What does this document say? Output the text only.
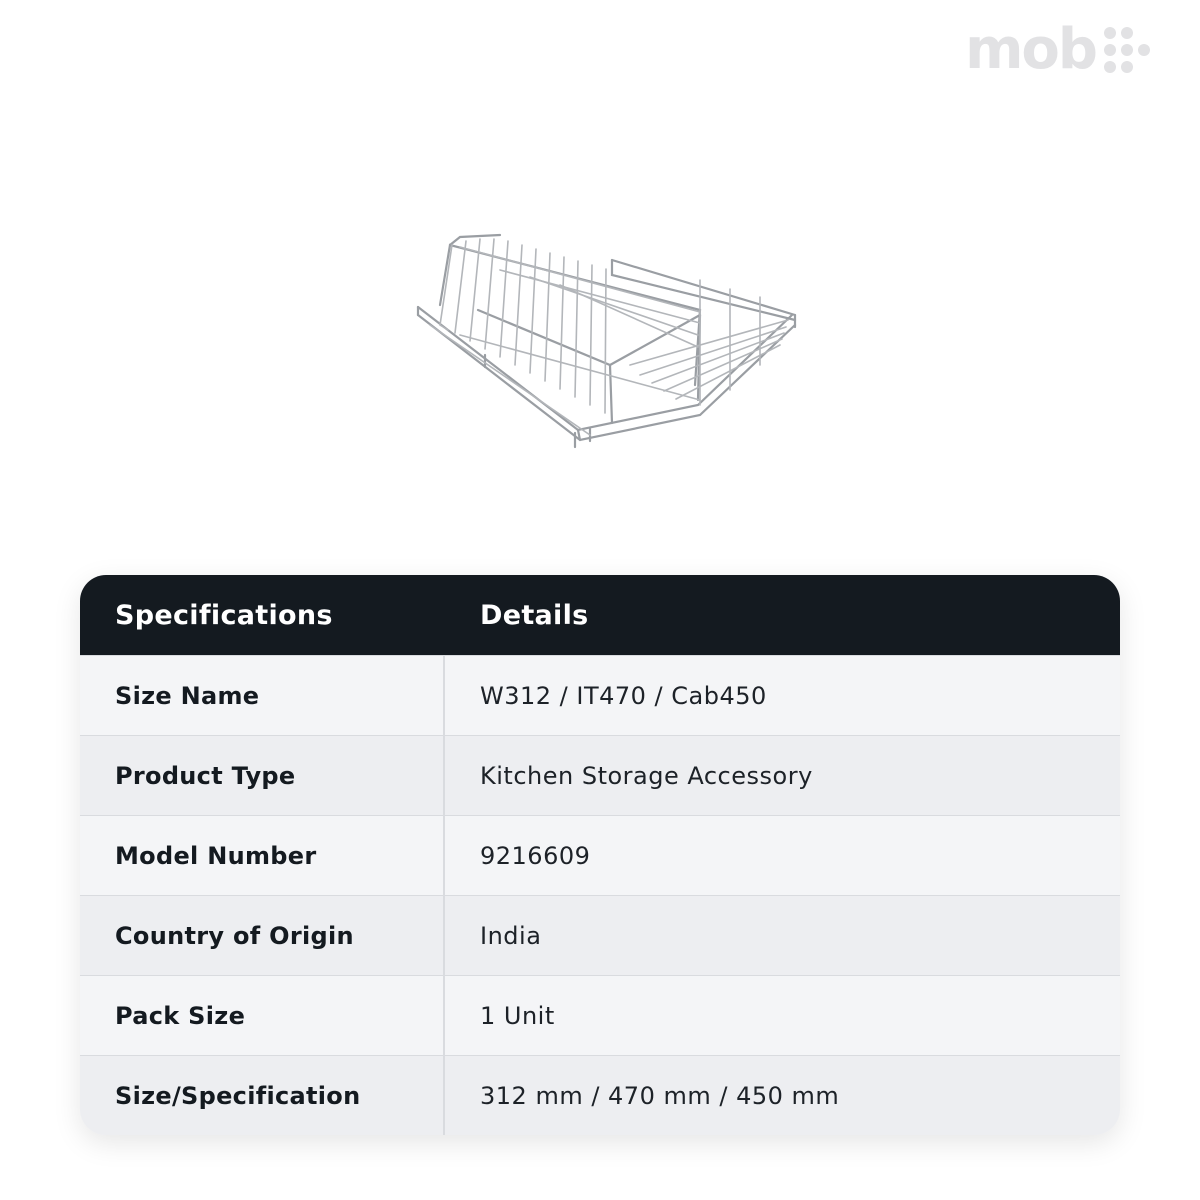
mob
Specifications	Details
Size Name	W312 / IT470 / Cab450
Product Type	Kitchen Storage Accessory
Model Number	9216609
Country of Origin	India
Pack Size	1 Unit
Size/Specification	312 mm / 470 mm / 450 mm
